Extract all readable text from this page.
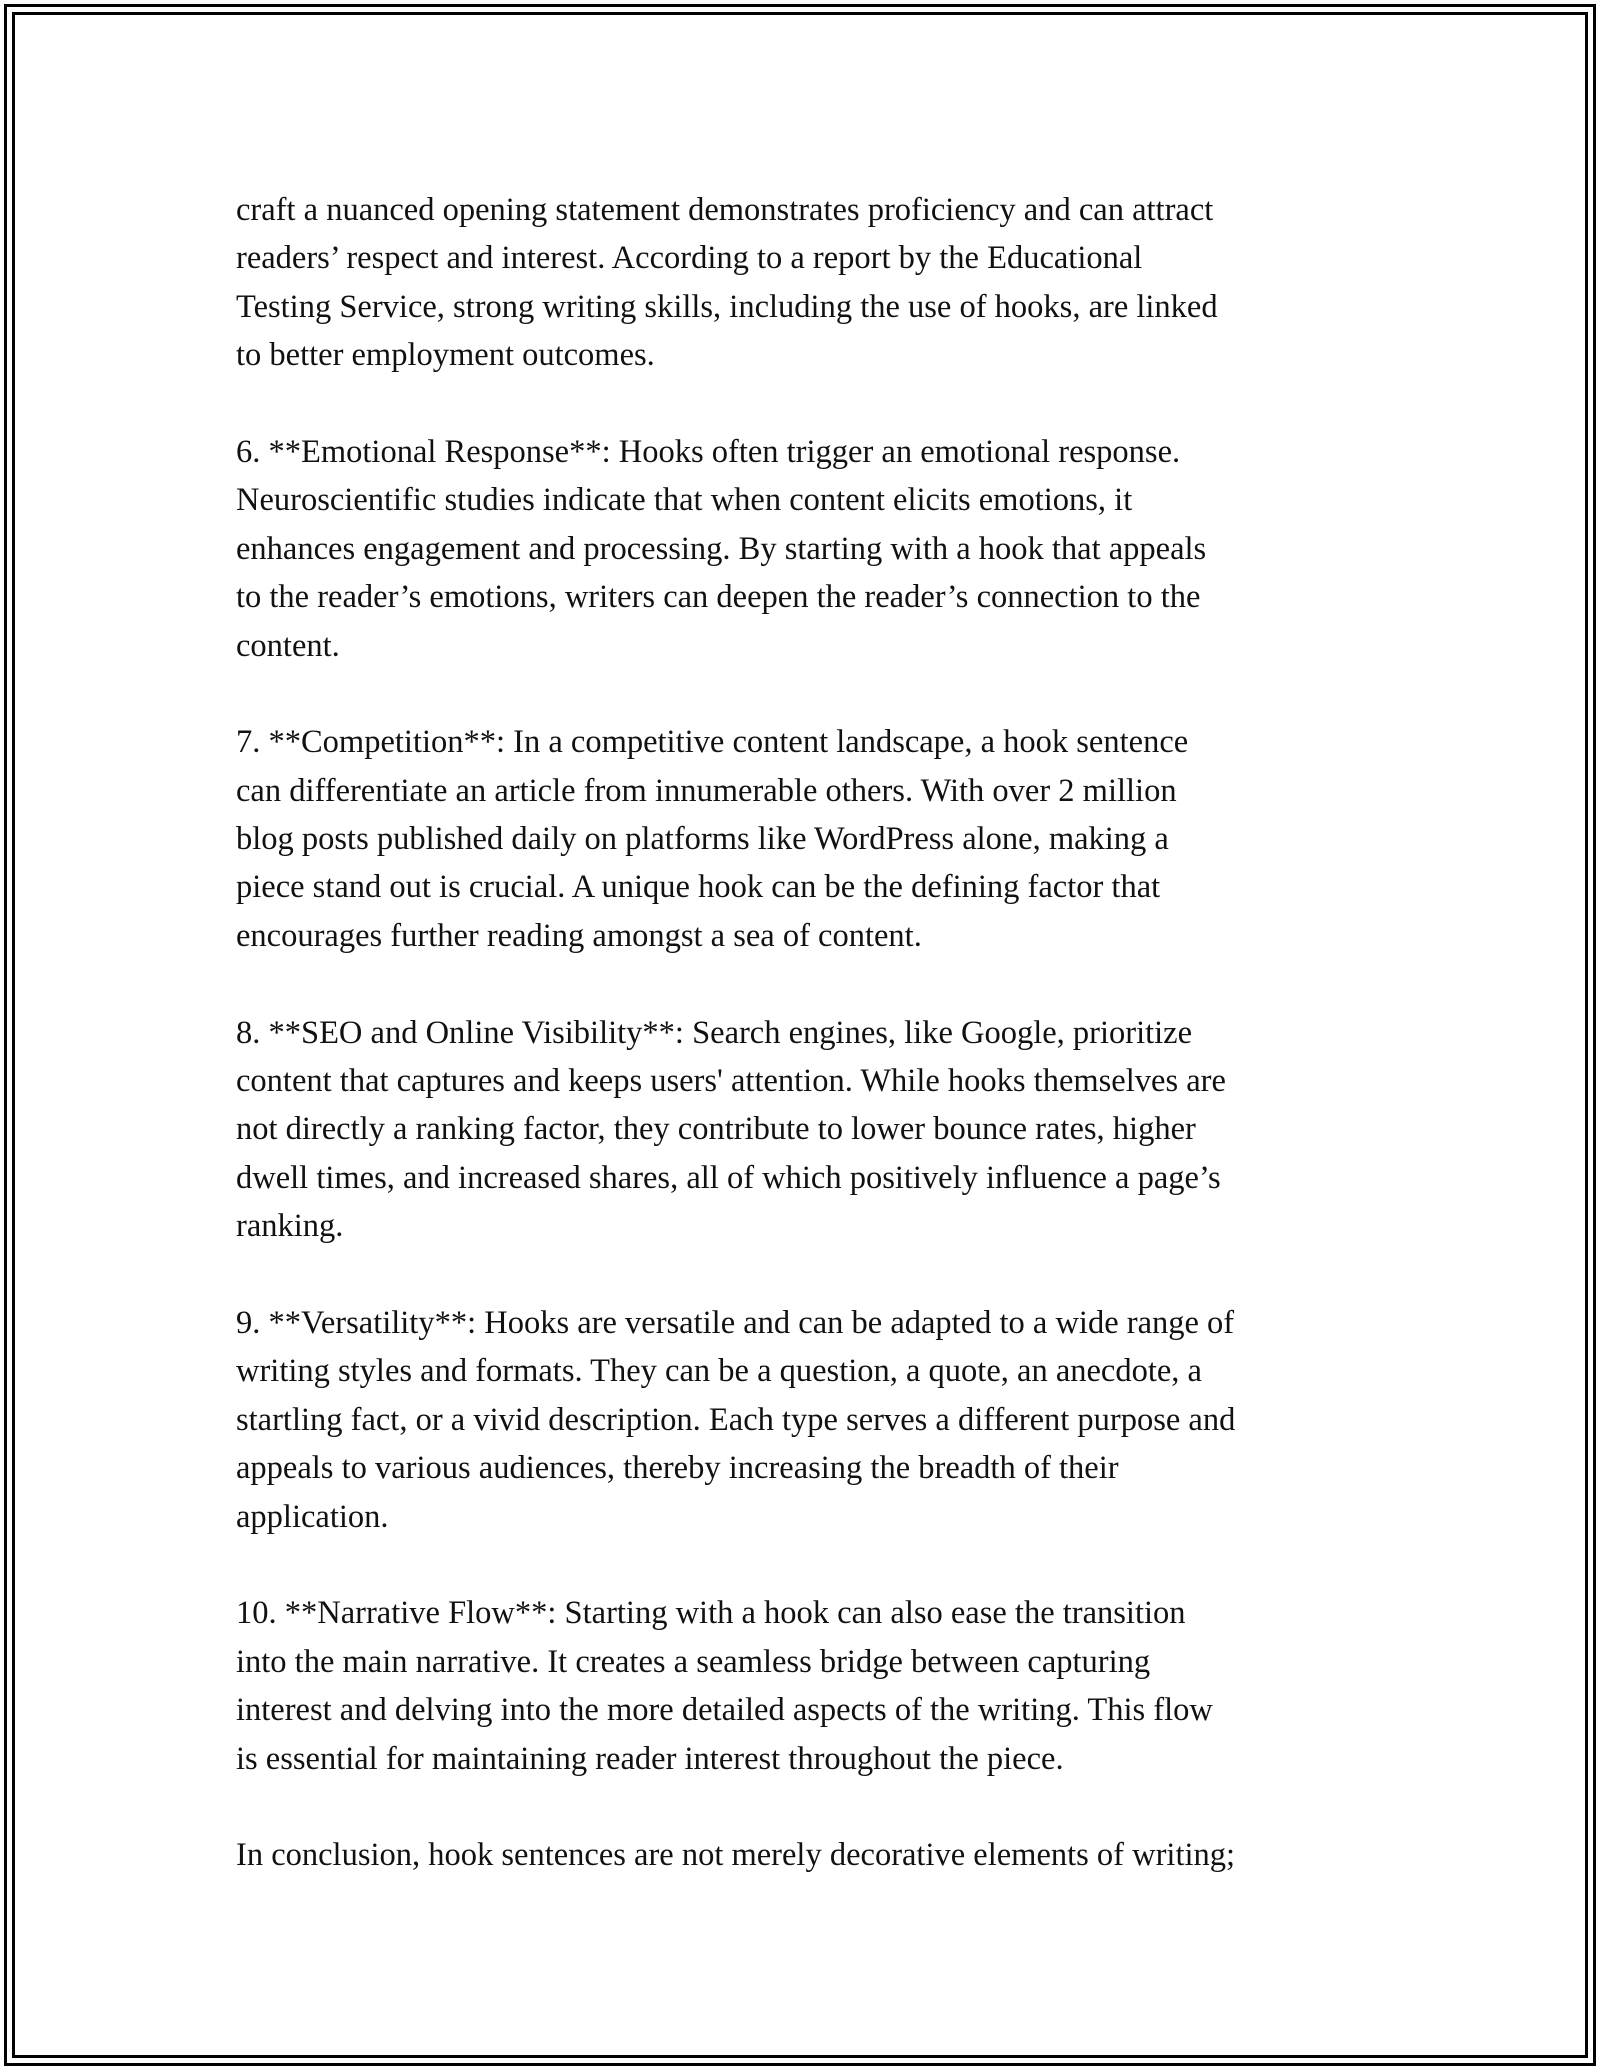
craft a nuanced opening statement demonstrates proficiency and can attract
readers’ respect and interest. According to a report by the Educational
Testing Service, strong writing skills, including the use of hooks, are linked
to better employment outcomes.
6. **Emotional Response**: Hooks often trigger an emotional response.
Neuroscientific studies indicate that when content elicits emotions, it
enhances engagement and processing. By starting with a hook that appeals
to the reader’s emotions, writers can deepen the reader’s connection to the
content.
7. **Competition**: In a competitive content landscape, a hook sentence
can differentiate an article from innumerable others. With over 2 million
blog posts published daily on platforms like WordPress alone, making a
piece stand out is crucial. A unique hook can be the defining factor that
encourages further reading amongst a sea of content.
8. **SEO and Online Visibility**: Search engines, like Google, prioritize
content that captures and keeps users' attention. While hooks themselves are
not directly a ranking factor, they contribute to lower bounce rates, higher
dwell times, and increased shares, all of which positively influence a page’s
ranking.
9. **Versatility**: Hooks are versatile and can be adapted to a wide range of
writing styles and formats. They can be a question, a quote, an anecdote, a
startling fact, or a vivid description. Each type serves a different purpose and
appeals to various audiences, thereby increasing the breadth of their
application.
10. **Narrative Flow**: Starting with a hook can also ease the transition
into the main narrative. It creates a seamless bridge between capturing
interest and delving into the more detailed aspects of the writing. This flow
is essential for maintaining reader interest throughout the piece.
In conclusion, hook sentences are not merely decorative elements of writing;
